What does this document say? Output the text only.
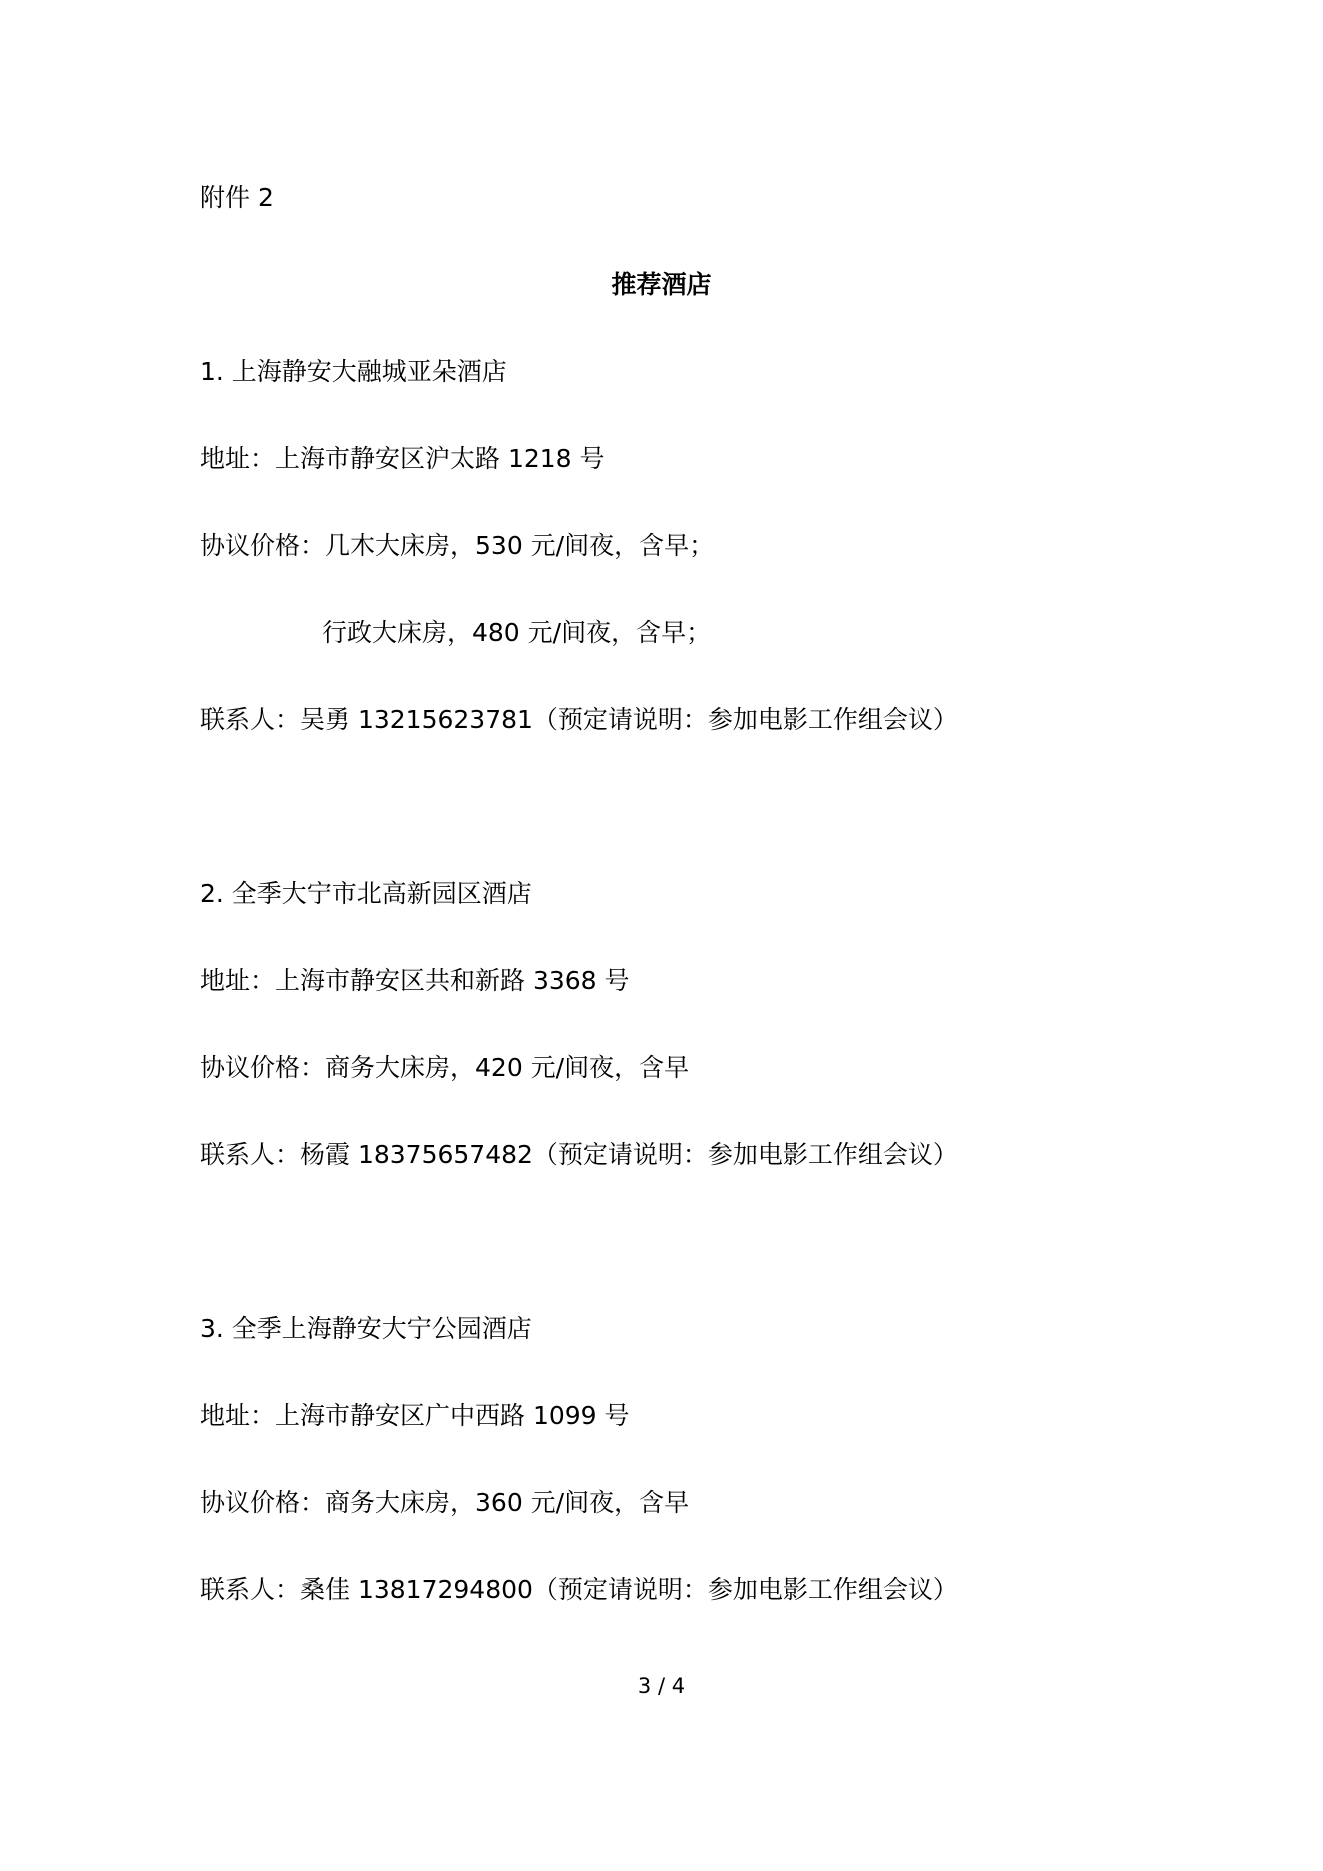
附件 2
推荐酒店
1. 上海静安大融城亚朵酒店
地址：上海市静安区沪太路 1218 号
协议价格：几木大床房，530 元/间夜，含早；
行政大床房，480 元/间夜，含早；
联系人：吴勇 13215623781（预定请说明：参加电影工作组会议）
2. 全季大宁市北高新园区酒店
地址：上海市静安区共和新路 3368 号
协议价格：商务大床房，420 元/间夜，含早
联系人：杨霞 18375657482（预定请说明：参加电影工作组会议）
3. 全季上海静安大宁公园酒店
地址：上海市静安区广中西路 1099 号
协议价格：商务大床房，360 元/间夜，含早
联系人：桑佳 13817294800（预定请说明：参加电影工作组会议）
3 / 4
